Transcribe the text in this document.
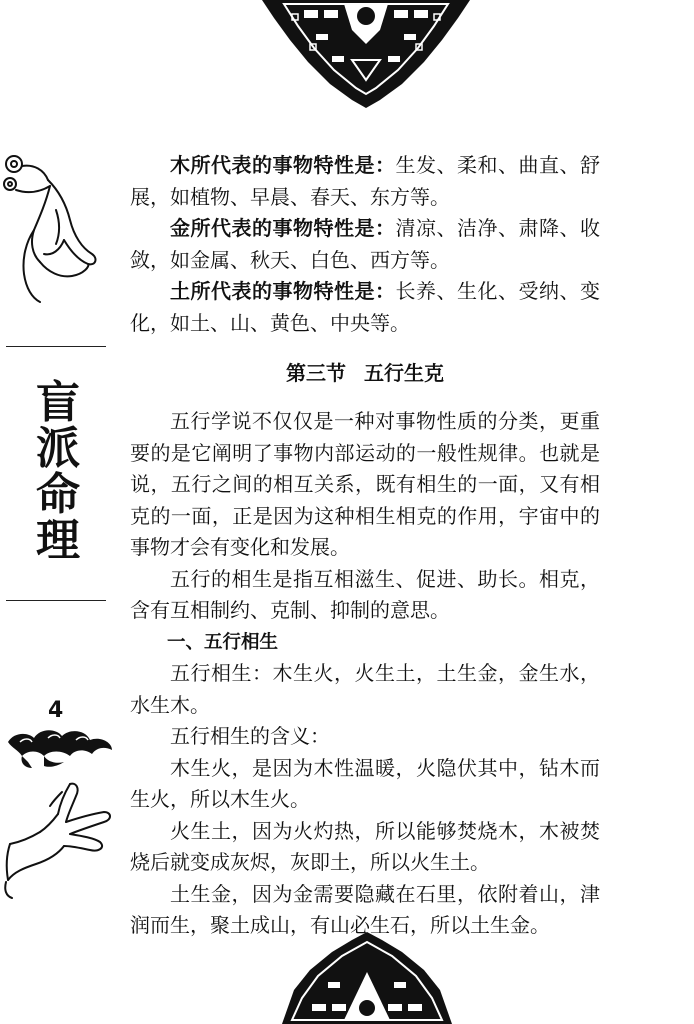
盲
派
命
理
4

木所代表的事物特性是：生发、柔和、曲直、舒展，如植物、早晨、春天、东方等。

金所代表的事物特性是：清凉、洁净、肃降、收敛，如金属、秋天、白色、西方等。

土所代表的事物特性是：长养、生化、受纳、变化，如土、山、黄色、中央等。

第三节 五行生克

五行学说不仅仅是一种对事物性质的分类，更重要的是它阐明了事物内部运动的一般性规律。也就是说，五行之间的相互关系，既有相生的一面，又有相克的一面，正是因为这种相生相克的作用，宇宙中的事物才会有变化和发展。

五行的相生是指互相滋生、促进、助长。相克，含有互相制约、克制、抑制的意思。

一、五行相生

五行相生：木生火，火生土，土生金，金生水，水生木。

五行相生的含义：

木生火，是因为木性温暖，火隐伏其中，钻木而生火，所以木生火。

火生土，因为火灼热，所以能够焚烧木，木被焚烧后就变成灰烬，灰即土，所以火生土。

土生金，因为金需要隐藏在石里，依附着山，津润而生，聚土成山，有山必生石，所以土生金。
